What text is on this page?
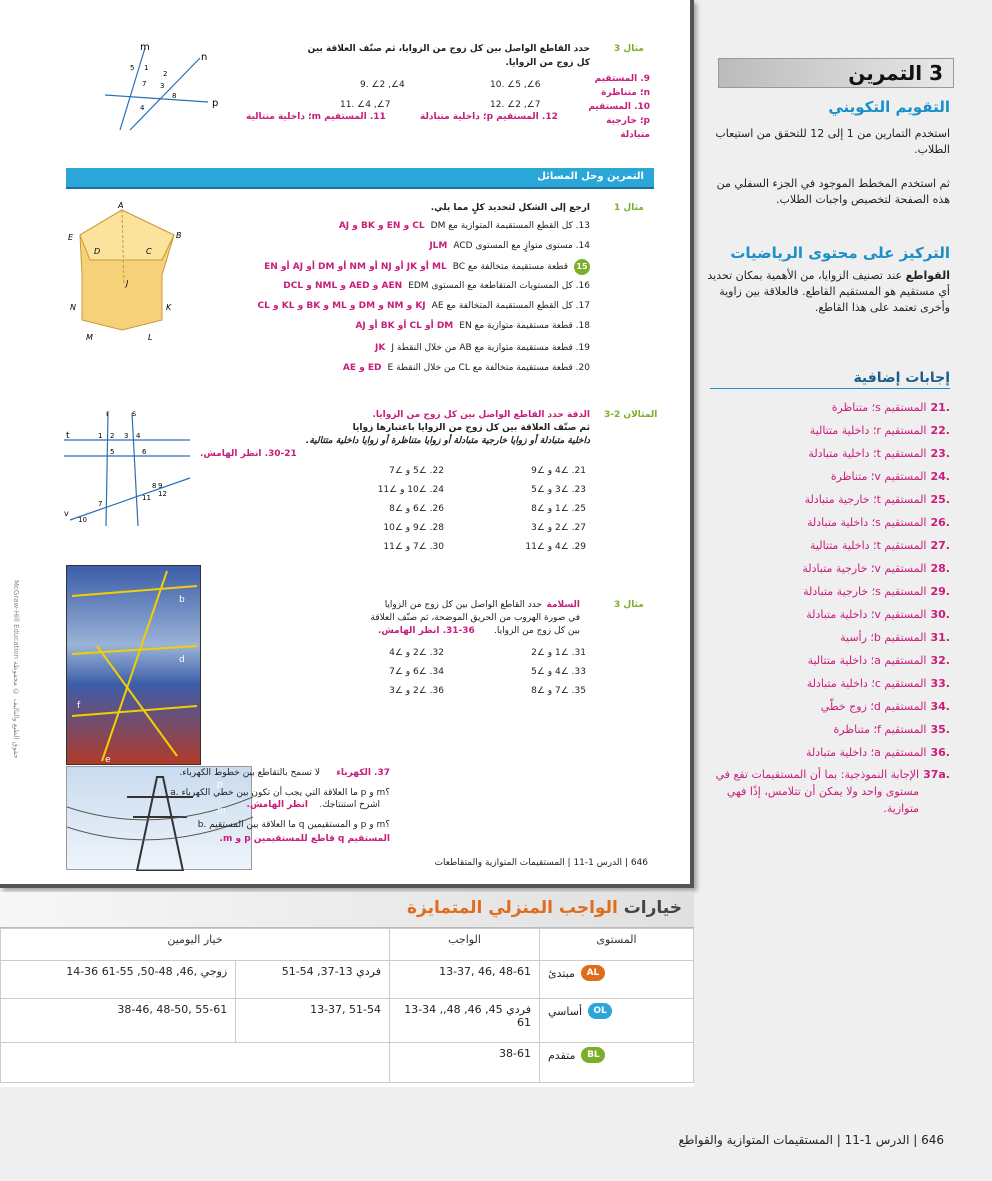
m
n
p
5 1
2
3
7
8
4
مثال 3
حدد القاطع الواصل بين كل زوج من الزوايا، ثم صنّف العلاقة بين كل زوج من الزوايا.
9. ∠2 ,∠4	10. ∠5 ,∠6
11. ∠4 ,∠7	12. ∠2 ,∠7
9. المستقيم n؛ متناظرة
10. المستقيم p؛ خارجية متبادلة
11. المستقيم m؛ داخلية متتالية	12. المستقيم p؛ داخلية متبادلة
التمرين وحل المسائل
A
B
E
D	C
J
N	K
M	L
مثال 1
ارجع إلى الشكل لتحديد كلٍ مما يلي.
13. كل القطع المستقيمة المتوازية مع DM
AJ و BK و EN و CL
14. مستوى متوازٍ مع المستوى ACD
JLM
15
قطعة مستقيمة متخالفة مع BC
EN أو AJ أو DM أو NM أو NJ أو JK أو ML
16. كل المستويات المتقاطعة مع المستوى EDM
DCL و NML و AED و AEN
17. كل القطع المستقيمة المتخالفة مع AE
CL و KL و BK و ML و DM و NM و KJ
18. قطعة مستقيمة متوازية مع EN
AJ أو BK أو CL أو DM
19. قطعة مستقيمة متوازية مع AB من خلال النقطة J
JK
20. قطعة مستقيمة متخالفة مع CL من خلال النقطة E
AE و ED
t
r	s
v
1 2 3 4
5	6
7
8 9
10
11 12
المثالان 2-3
الدقة حدد القاطع الواصل بين كل زوج من الزوايا.
ثم صنّف العلاقة بين كل زوج من الزوايا باعتبارها زوايا
داخلية متبادلة أو زوايا خارجية متبادلة أو زوايا متناظرة أو زوايا داخلية متتالية.
30-21. انظر الهامش.
21. ∠4 و ∠9
23. ∠3 و ∠5
25. ∠1 و ∠8
27. ∠2 و ∠3
29. ∠4 و ∠11
22. ∠5 و ∠7
24. ∠10 و ∠11
26. ∠6 و ∠8
28. ∠9 و ∠10
30. ∠7 و ∠11
b
d
e
f
مثال 3
السلامة
حدد القاطع الواصل بين كل زوج من الزوايا
في صورة الهروب من الحريق الموضحة، ثم صنّف العلاقة
بين كل زوج من الزوايا.
31-36. انظر الهامش.
31. ∠1 و ∠2
33. ∠4 و ∠5
35. ∠7 و ∠8
32. ∠2 و ∠4
34. ∠6 و ∠7
36. ∠2 و ∠3
p
m
37. الكهرباء
لا تسمح بالتقاطع بين خطوط الكهرباء.
a. ما العلاقة التي يجب أن تكون بين خطي الكهرباء p و m؟
اشرح استنتاجك.
انظر الهامش.
b. ما العلاقة بين المستقيم q و المستقيمين p و m؟
المستقيم q قاطع للمستقيمين p و m.
646 | الدرس 1-11 | المستقيمات المتوازية والمتقاطعات
McGraw-Hill Education حقوق الطبع والتأليف © محفوظة
3 التمرين
التقويم التكويني
استخدم التمارين من 1 إلى 12 للتحقق من استيعاب الطلاب.
ثم استخدم المخطط الموجود في الجزء السفلي من هذه الصفحة لتخصيص واجبات الطلاب.
التركيز على محتوى الرياضيات
القواطع عند تصنيف الزوايا، من الأهمية بمكان تحديد أي مستقيم هو المستقيم القاطع. فالعلاقة بين زاوية وأخرى تعتمد على هذا القاطع.
إجابات إضافية
21.
المستقيم s؛ متناظرة
22.
المستقيم r؛ داخلية متتالية
23.
المستقيم t؛ داخلية متبادلة
24.
المستقيم v؛ متناظرة
25.
المستقيم t؛ خارجية متبادلة
26.
المستقيم s؛ داخلية متبادلة
27.
المستقيم t؛ داخلية متتالية
28.
المستقيم v؛ خارجية متبادلة
29.
المستقيم s؛ خارجية متبادلة
30.
المستقيم v؛ داخلية متبادلة
31.
المستقيم b؛ رأسية
32.
المستقيم a؛ داخلية متتالية
33.
المستقيم c؛ داخلية متبادلة
34.
المستقيم d؛ زوج خطّي
35.
المستقيم f؛ متناظرة
36.
المستقيم a؛ داخلية متبادلة
37a.
الإجابة النموذجية: بما أن المستقيمات تقع في مستوى واحد ولا يمكن أن تتلامس، إذًا فهي متوازية.
خيارات الواجب المنزلي المتمايزة
خيار اليومين		الواجب	المستوى
14-36 زوجي ,46, 48-50, 55-61	51-54 ,فردي 13-37	13-37, 46, 48-61	AL
مبتدئ

38-46, 48-50, 55-61	13-37, 51-54	13-34 ,فردي 45, 46, 48, 61	OL
أساسي

		38-61	BL
متقدم
646 | الدرس 1-11 | المستقيمات المتوازية والقواطع
